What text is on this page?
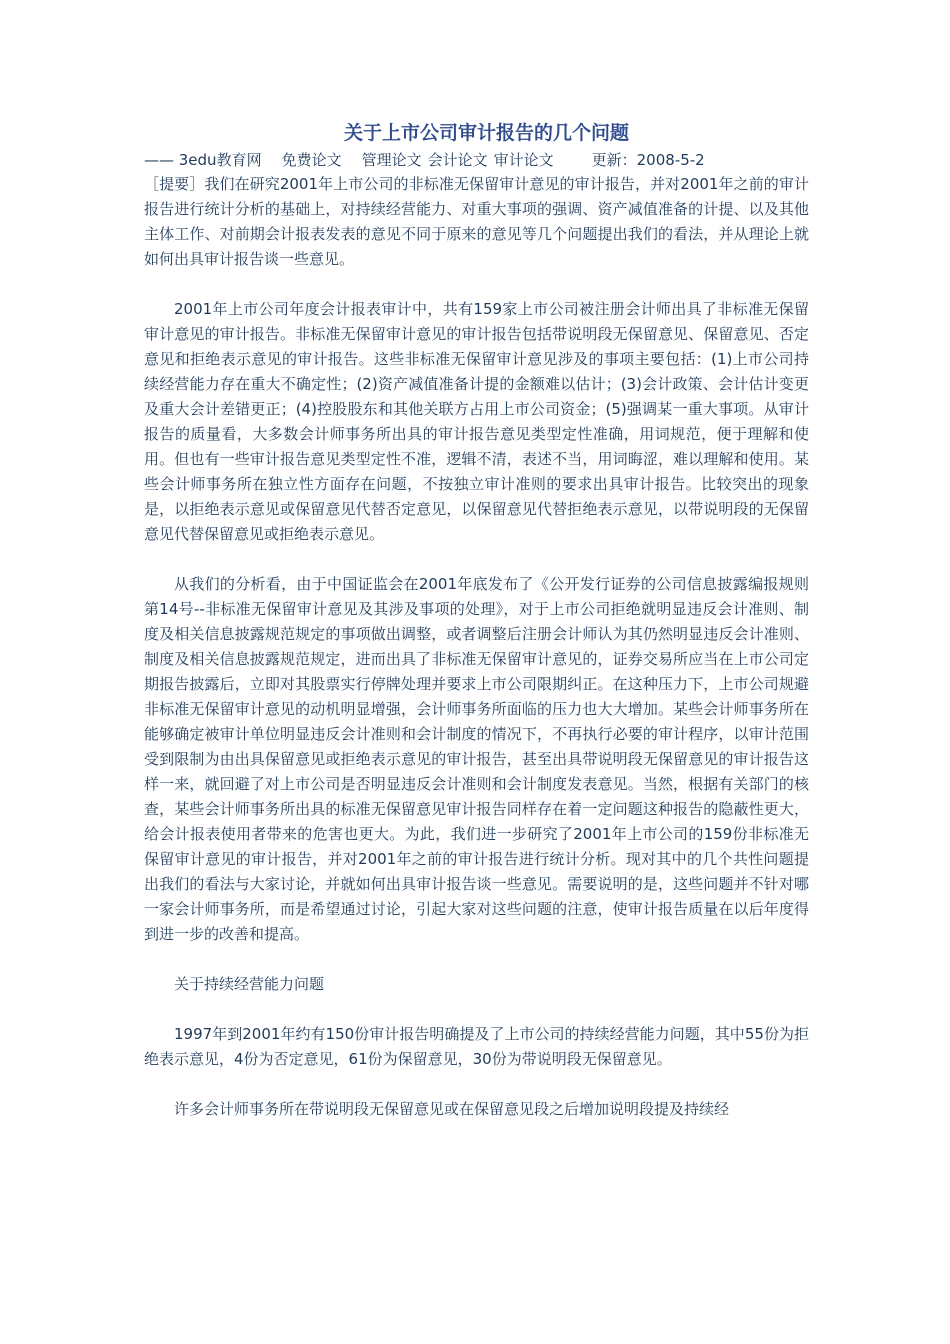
关于上市公司审计报告的几个问题
—— 3edu教育网 免费论文 管理论文 会计论文 审计论文	更新：2008-5-2

［提要］我们在研究2001年上市公司的非标准无保留审计意见的审计报告，并对2001年之前的审计报告进行统计分析的基础上，对持续经营能力、对重大事项的强调、资产减值准备的计提、以及其他主体工作、对前期会计报表发表的意见不同于原来的意见等几个问题提出我们的看法，并从理论上就如何出具审计报告谈一些意见。

2001年上市公司年度会计报表审计中，共有159家上市公司被注册会计师出具了非标准无保留审计意见的审计报告。非标准无保留审计意见的审计报告包括带说明段无保留意见、保留意见、否定意见和拒绝表示意见的审计报告。这些非标准无保留审计意见涉及的事项主要包括：(1)上市公司持续经营能力存在重大不确定性；(2)资产减值准备计提的金额难以估计；(3)会计政策、会计估计变更及重大会计差错更正；(4)控股股东和其他关联方占用上市公司资金；(5)强调某一重大事项。从审计报告的质量看，大多数会计师事务所出具的审计报告意见类型定性准确，用词规范，便于理解和使用。但也有一些审计报告意见类型定性不准，逻辑不清，表述不当，用词晦涩，难以理解和使用。某些会计师事务所在独立性方面存在问题，不按独立审计准则的要求出具审计报告。比较突出的现象是，以拒绝表示意见或保留意见代替否定意见，以保留意见代替拒绝表示意见，以带说明段的无保留意见代替保留意见或拒绝表示意见。

从我们的分析看，由于中国证监会在2001年底发布了《公开发行证券的公司信息披露编报规则第14号--非标准无保留审计意见及其涉及事项的处理》，对于上市公司拒绝就明显违反会计准则、制度及相关信息披露规范规定的事项做出调整，或者调整后注册会计师认为其仍然明显违反会计准则、制度及相关信息披露规范规定，进而出具了非标准无保留审计意见的，证券交易所应当在上市公司定期报告披露后，立即对其股票实行停牌处理并要求上市公司限期纠正。在这种压力下，上市公司规避非标准无保留审计意见的动机明显增强，会计师事务所面临的压力也大大增加。某些会计师事务所在能够确定被审计单位明显违反会计准则和会计制度的情况下，不再执行必要的审计程序，以审计范围受到限制为由出具保留意见或拒绝表示意见的审计报告，甚至出具带说明段无保留意见的审计报告这样一来，就回避了对上市公司是否明显违反会计准则和会计制度发表意见。当然，根据有关部门的核查，某些会计师事务所出具的标准无保留意见审计报告同样存在着一定问题这种报告的隐蔽性更大，给会计报表使用者带来的危害也更大。为此，我们进一步研究了2001年上市公司的159份非标准无保留审计意见的审计报告，并对2001年之前的审计报告进行统计分析。现对其中的几个共性问题提出我们的看法与大家讨论，并就如何出具审计报告谈一些意见。需要说明的是，这些问题并不针对哪一家会计师事务所，而是希望通过讨论，引起大家对这些问题的注意，使审计报告质量在以后年度得到进一步的改善和提高。

关于持续经营能力问题

1997年到2001年约有150份审计报告明确提及了上市公司的持续经营能力问题，其中55份为拒绝表示意见，4份为否定意见，61份为保留意见，30份为带说明段无保留意见。

许多会计师事务所在带说明段无保留意见或在保留意见段之后增加说明段提及持续经
